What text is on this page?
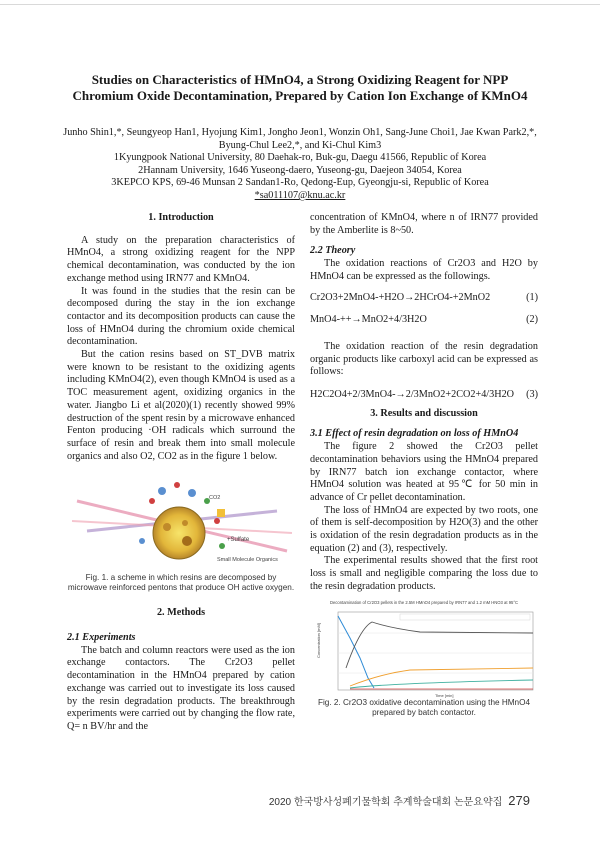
Studies on Characteristics of HMnO4, a Strong Oxidizing Reagent for NPP Chromium Oxide Decontamination, Prepared by Cation Ion Exchange of KMnO4
Junho Shin1,*, Seungyeop Han1, Hyojung Kim1, Jongho Jeon1, Wonzin Oh1, Sang-June Choi1, Jae Kwan Park2,*,
Byung-Chul Lee2,*, and Ki-Chul Kim3
1Kyungpook National University, 80 Daehak-ro, Buk-gu, Daegu 41566, Republic of Korea
2Hannam University, 1646 Yuseong-daero, Yuseong-gu, Daejeon 34054, Korea
3KEPCO KPS, 69-46 Munsan 2 Sandan1-Ro, Qedong-Eup, Gyeongju-si, Republic of Korea
*sa011107@knu.ac.kr
1. Introduction

A study on the preparation characteristics of HMnO4, a strong oxidizing reagent for the NPP chemical decontamination, was conducted by the ion exchange method using IRN77 and KMnO4.

It was found in the studies that the resin can be decomposed during the stay in the ion exchange contactor and its decomposition products can cause the loss of HMnO4 during the chromium oxide chemical decontamination.

But the cation resins based on ST_DVB matrix were known to be resistant to the oxidizing agents including KMnO4(2), even though KMnO4 is used as a TOC measurement agent, oxidizing organics in the water. Jiangbo Li et al(2020)(1) recently showed 99% destruction of the spent resin by a microwave enhanced Fenton producing ·OH radicals which surround the surface of resin and break them into small molecule organics and also O2, CO2 as in the figure 1 below.

+Sulfate
Small Molecule Organics
CO2
Fig. 1. a scheme in which resins are decomposed by microwave reinforced pentons that produce OH active oxygen.
2. Methods
2.1 Experiments

The batch and column reactors were used as the ion exchange contactors. The Cr2O3 pellet decontamination in the HMnO4 prepared by cation exchange was carried out to investigate its loss caused by the resin degradation products. The breakthrough experiments were carried out by changing the flow rate, Q= n BV/hr and the

concentration of KMnO4, where n of IRN77 provided by the Amberlite is 8~50.

2.2 Theory

The oxidation reactions of Cr2O3 and H2O by HMnO4 can be expressed as the followings.

Cr2O3+2MnO4-+H2O→2HCrO4-+2MnO2	(1)
MnO4-++→MnO2+4/3H2O	(2)

The oxidation reaction of the resin degradation organic products like carboxyl acid can be expressed as follows:

H2C2O4+2/3MnO4-→2/3MnO2+2CO2+4/3H2O (3)
3. Results and discussion
3.1 Effect of resin degradation on loss of HMnO4

The figure 2 showed the Cr2O3 pellet decontamination behaviors using the HMnO4 prepared by IRN77 batch ion exchange contactor, where HMnO4 solution was heated at 95℃ for 50 min in advance of Cr pellet decontamination.

The loss of HMnO4 are expected by two roots, one of them is self-decomposition by H2O(3) and the other is oxidation of the resin degradation products as in the equation (2) and (3), respectively.

The experimental results showed that the first root loss is small and negligible comparing the loss due to the resin degradation products.

Decontamination of Cr2O3 pellets in the 2.5M HMnO4 prepared by IRN77 and 1.2 mM HNO3 at 95°C
Time [min]
Concentration [mM]
Fig. 2. Cr2O3 oxidative decontamination using the HMnO4 prepared by batch contactor.
2020 한국방사성폐기물학회 추계학술대회 논문요약집 279
